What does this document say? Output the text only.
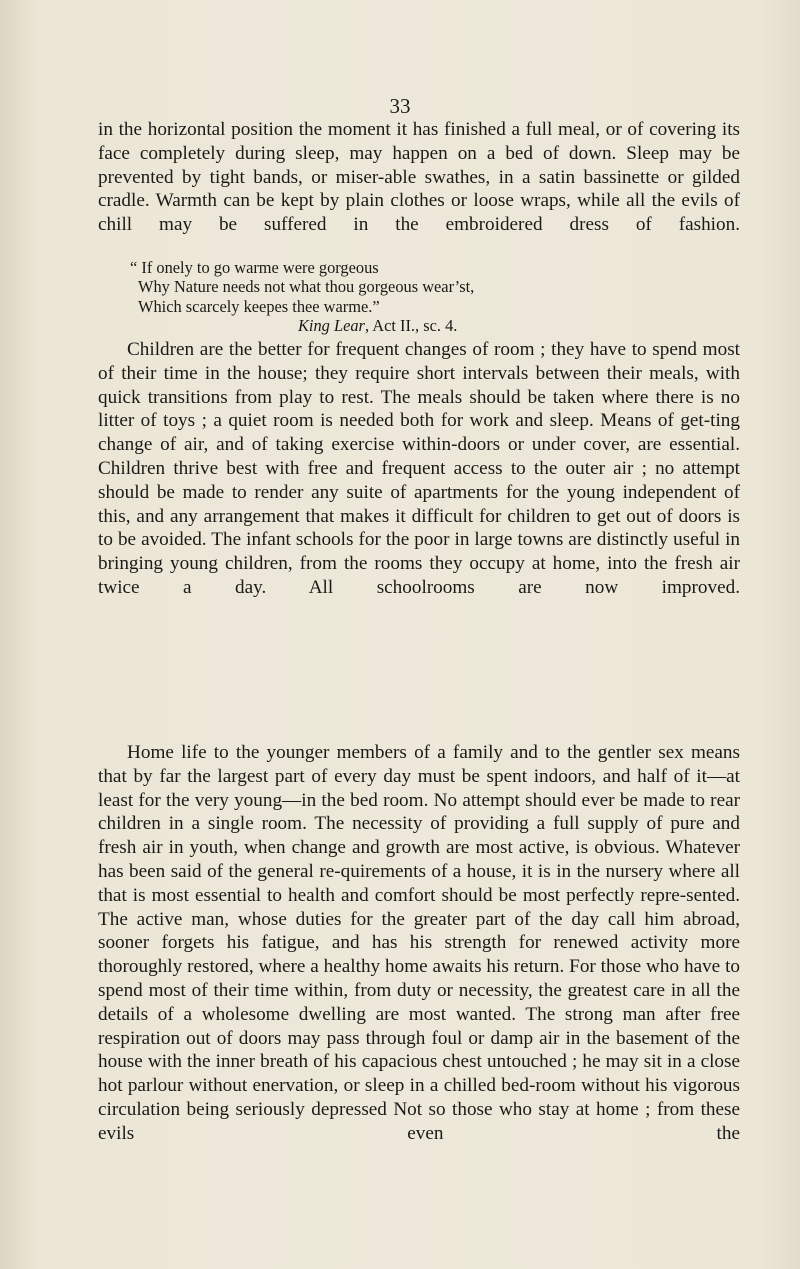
33

in the horizontal position the moment it has finished a full meal, or of covering its face completely during sleep, may happen on a bed of down. Sleep may be prevented by tight bands, or miser-able swathes, in a satin bassinette or gilded cradle. Warmth can be kept by plain clothes or loose wraps, while all the evils of chill may be suffered in the embroidered dress of fashion.

“ If onely to go warme were gorgeous
Why Nature needs not what thou gorgeous wear’st,
Which scarcely keepes thee warme.”
King Lear, Act II., sc. 4.

Children are the better for frequent changes of room ; they have to spend most of their time in the house; they require short intervals between their meals, with quick transitions from play to rest. The meals should be taken where there is no litter of toys ; a quiet room is needed both for work and sleep. Means of get-ting change of air, and of taking exercise within-doors or under cover, are essential. Children thrive best with free and frequent access to the outer air ; no attempt should be made to render any suite of apartments for the young independent of this, and any arrangement that makes it difficult for children to get out of doors is to be avoided. The infant schools for the poor in large towns are distinctly useful in bringing young children, from the rooms they occupy at home, into the fresh air twice a day. All schoolrooms are now improved.

Home life to the younger members of a family and to the gentler sex means that by far the largest part of every day must be spent indoors, and half of it—at least for the very young—in the bed room. No attempt should ever be made to rear children in a single room. The necessity of providing a full supply of pure and fresh air in youth, when change and growth are most active, is obvious. Whatever has been said of the general re-quirements of a house, it is in the nursery where all that is most essential to health and comfort should be most perfectly repre-sented. The active man, whose duties for the greater part of the day call him abroad, sooner forgets his fatigue, and has his strength for renewed activity more thoroughly restored, where a healthy home awaits his return. For those who have to spend most of their time within, from duty or necessity, the greatest care in all the details of a wholesome dwelling are most wanted. The strong man after free respiration out of doors may pass through foul or damp air in the basement of the house with the inner breath of his capacious chest untouched ; he may sit in a close hot parlour without enervation, or sleep in a chilled bed-room without his vigorous circulation being seriously depressed Not so those who stay at home ; from these evils even the
